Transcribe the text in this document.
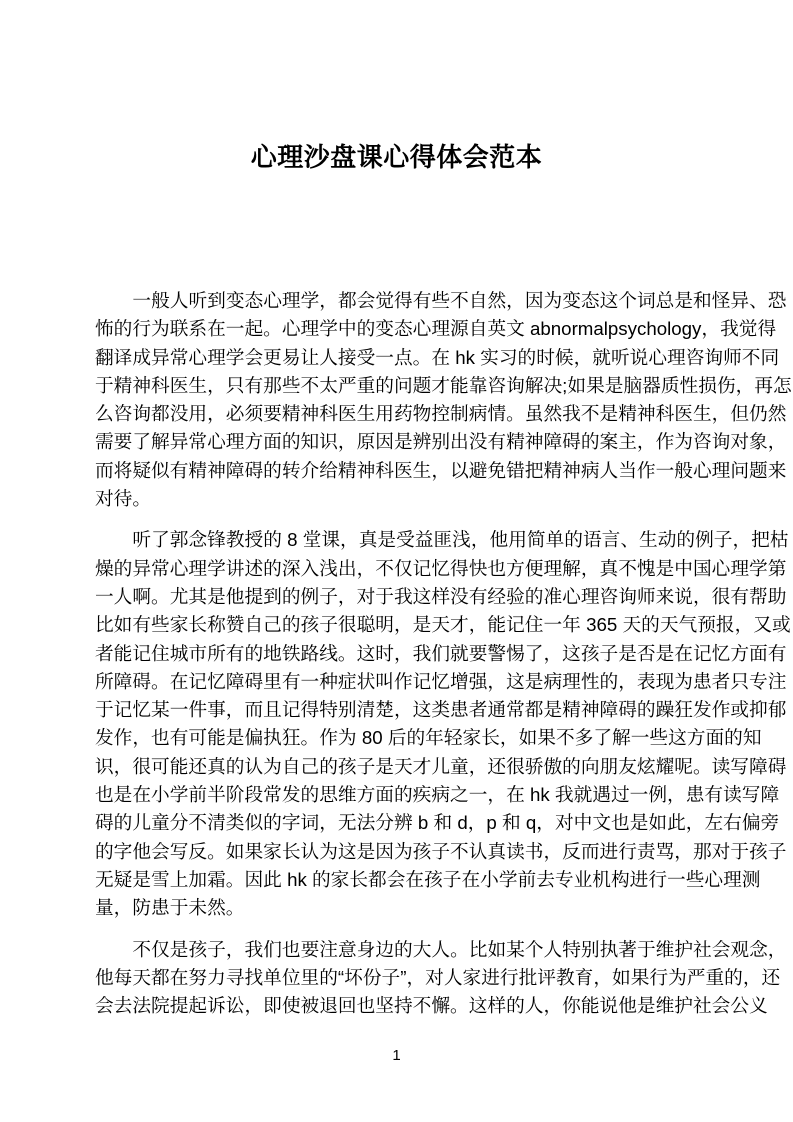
心理沙盘课心得体会范本

一般人听到变态心理学，都会觉得有些不自然，因为变态这个词总是和怪异、恐怖的行为联系在一起。心理学中的变态心理源自英文 abnormalpsychology，我觉得翻译成异常心理学会更易让人接受一点。在 hk 实习的时候，就听说心理咨询师不同于精神科医生，只有那些不太严重的问题才能靠咨询解决;如果是脑器质性损伤，再怎么咨询都没用，必须要精神科医生用药物控制病情。虽然我不是精神科医生，但仍然需要了解异常心理方面的知识，原因是辨别出没有精神障碍的案主，作为咨询对象，而将疑似有精神障碍的转介给精神科医生，以避免错把精神病人当作一般心理问题来对待。

听了郭念锋教授的 8 堂课，真是受益匪浅，他用简单的语言、生动的例子，把枯燥的异常心理学讲述的深入浅出，不仅记忆得快也方便理解，真不愧是中国心理学第一人啊。尤其是他提到的例子，对于我这样没有经验的准心理咨询师来说，很有帮助比如有些家长称赞自己的孩子很聪明，是天才，能记住一年 365 天的天气预报，又或者能记住城市所有的地铁路线。这时，我们就要警惕了，这孩子是否是在记忆方面有所障碍。在记忆障碍里有一种症状叫作记忆增强，这是病理性的，表现为患者只专注于记忆某一件事，而且记得特别清楚，这类患者通常都是精神障碍的躁狂发作或抑郁发作，也有可能是偏执狂。作为 80 后的年轻家长，如果不多了解一些这方面的知识，很可能还真的认为自己的孩子是天才儿童，还很骄傲的向朋友炫耀呢。读写障碍也是在小学前半阶段常发的思维方面的疾病之一，在 hk 我就遇过一例，患有读写障碍的儿童分不清类似的字词，无法分辨 b 和 d，p 和 q，对中文也是如此，左右偏旁的字他会写反。如果家长认为这是因为孩子不认真读书，反而进行责骂，那对于孩子无疑是雪上加霜。因此 hk 的家长都会在孩子在小学前去专业机构进行一些心理测量，防患于未然。

不仅是孩子，我们也要注意身边的大人。比如某个人特别执著于维护社会观念，他每天都在努力寻找单位里的“坏份子”，对人家进行批评教育，如果行为严重的，还会去法院提起诉讼，即使被退回也坚持不懈。这样的人，你能说他是维护社会公义

1
